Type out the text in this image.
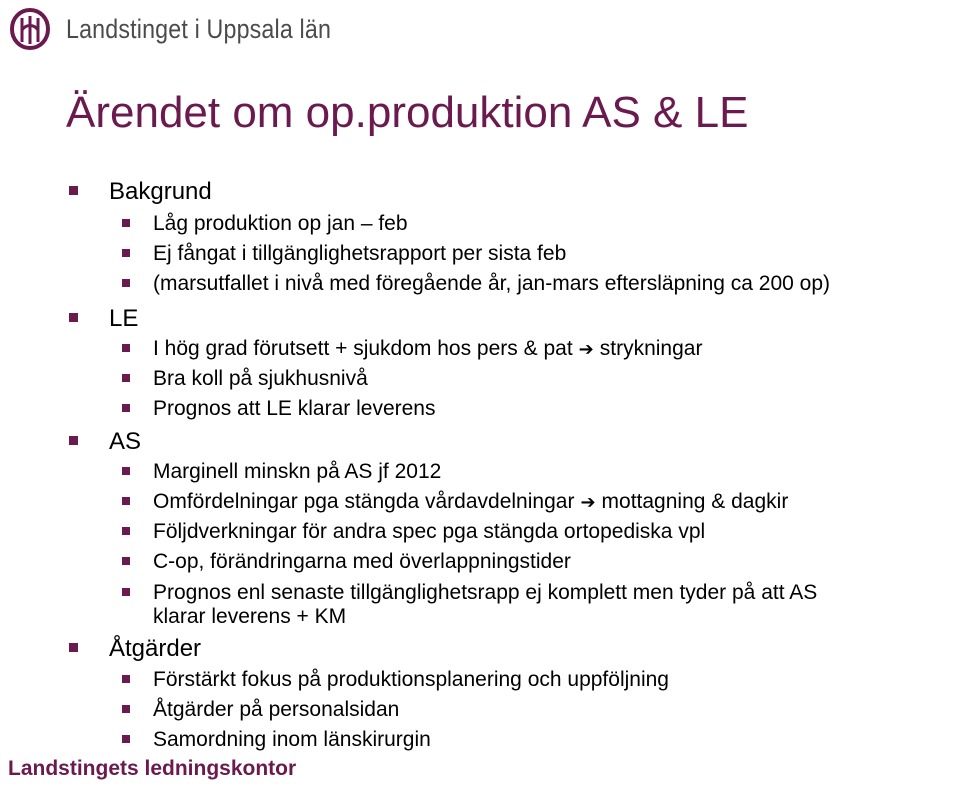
Landstinget i Uppsala län
Ärendet om op.produktion AS & LE
Bakgrund
Låg produktion op jan – feb
Ej fångat i tillgänglighetsrapport per sista feb
(marsutfallet i nivå med föregående år, jan-mars eftersläpning ca 200 op)
LE
I hög grad förutsett + sjukdom hos pers & pat ➔ strykningar
Bra koll på sjukhusnivå
Prognos att LE klarar leverens
AS
Marginell minskn på AS jf 2012
Omfördelningar pga stängda vårdavdelningar ➔ mottagning & dagkir
Följdverkningar för andra spec pga stängda ortopediska vpl
C-op, förändringarna med överlappningstider
Prognos enl senaste tillgänglighetsrapp ej komplett men tyder på att AS
klarar leverens + KM
Åtgärder
Förstärkt fokus på produktionsplanering och uppföljning
Åtgärder på personalsidan
Samordning inom länskirurgin
Landstingets ledningskontor
